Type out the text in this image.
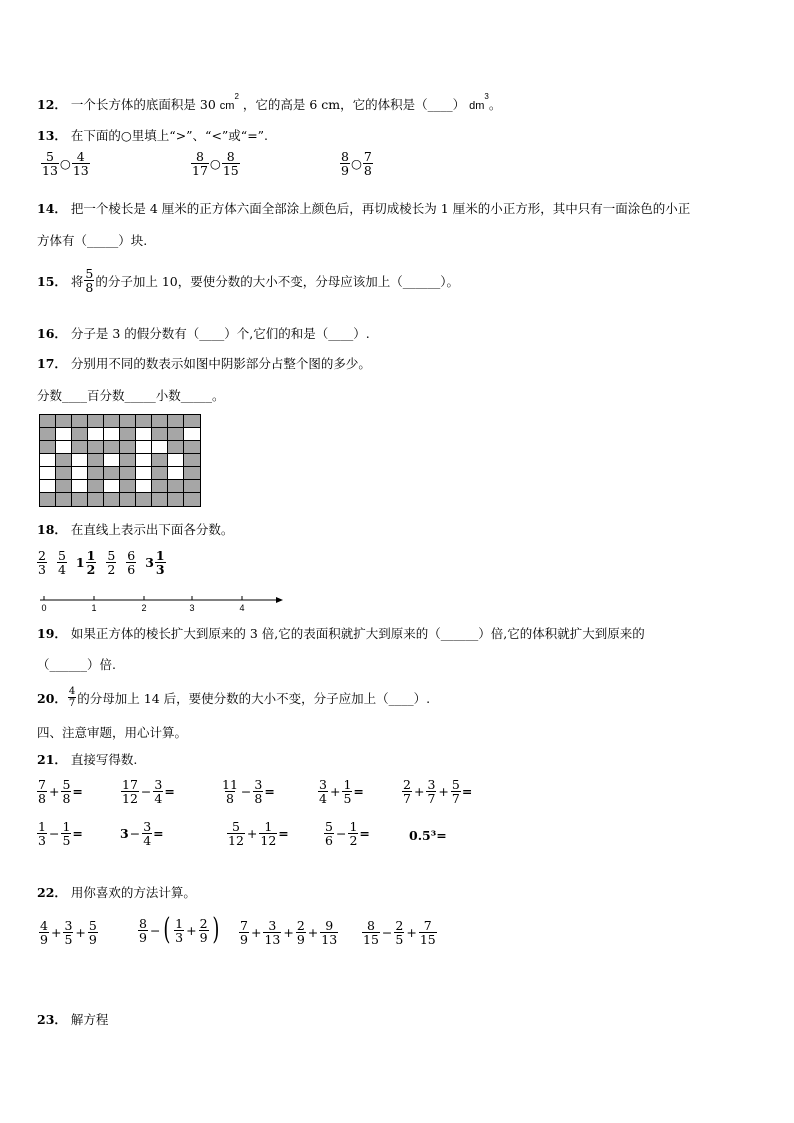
12． 一个长方体的底面积是 30 $cm^2$ ，它的高是 6 cm，它的体积是（____） $dm^3$。
13． 在下面的○里填上“>”、“<”或“=”.
$\frac{5}{13}$ ○ $\frac{4}{13}$	$\frac{8}{17}$ ○ $\frac{8}{15}$	$\frac{8}{9}$ ○ $\frac{7}{8}$
14． 把一个棱长是 4 厘米的正方体六面全部涂上颜色后，再切成棱长为 1 厘米的小正方形，其中只有一面涂色的小正
方体有（_____）块.
15． 将 $\frac{5}{8}$ 的分子加上 10，要使分数的大小不变，分母应该加上（______）。
16． 分子是 3 的假分数有（____）个,它们的和是（____）.
17． 分别用不同的数表示如图中阴影部分占整个图的多少。
分数____百分数_____小数_____。
18． 在直线上表示出下面各分数。
$\frac{2}{3} \frac{5}{4} 1 \frac{1}{2} \frac{5}{2} \frac{6}{6} 3 \frac{1}{3}$
0	1	2	3	4
19． 如果正方体的棱长扩大到原来的 3 倍,它的表面积就扩大到原来的（______）倍,它的体积就扩大到原来的
（______）倍.
20． $\frac{4}{7}$ 的分母加上 14 后，要使分数的大小不变，分子应加上（____）.
四、注意审题，用心计算。
21． 直接写得数.
$\frac{7}{8} + \frac{5}{8}$ =	$\frac{17}{12} - \frac{3}{4}$ =	$\frac{11}{8} - \frac{3}{8}$ =	$\frac{3}{4} + \frac{1}{5}$ =	$\frac{2}{7} + \frac{3}{7} + \frac{5}{7}$ =
$\frac{1}{3} - \frac{1}{5}$ =	$3 - \frac{3}{4}$ =	$\frac{5}{12} + \frac{1}{12}$ =	$\frac{5}{6} - \frac{1}{2}$ =	0.5³ =
22． 用你喜欢的方法计算。
$\frac{4}{9} + \frac{3}{5} + \frac{5}{9}$	$\frac{8}{9}$ − ( $\frac{1}{3} + \frac{2}{9}$ ) $\frac{7}{9} + \frac{3}{13} + \frac{2}{9} + \frac{9}{13} \frac{8}{15} - \frac{2}{5} + \frac{7}{15}$
23． 解方程
